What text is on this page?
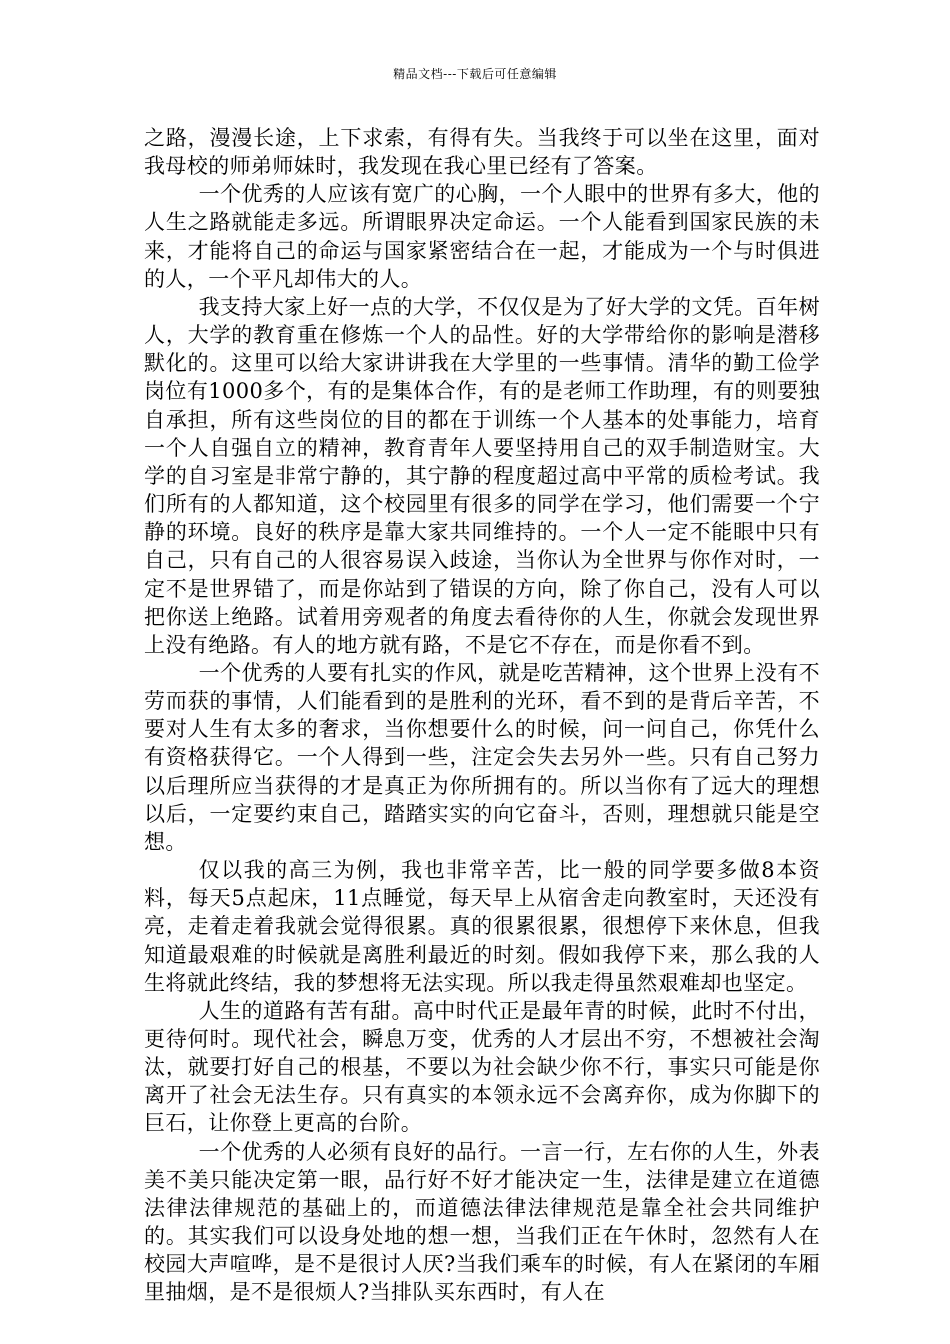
精品文档---下载后可任意编辑

之路，漫漫长途，上下求索，有得有失。当我终于可以坐在这里，面对我母校的师弟师妹时，我发现在我心里已经有了答案。

一个优秀的人应该有宽广的心胸，一个人眼中的世界有多大，他的人生之路就能走多远。所谓眼界决定命运。一个人能看到国家民族的未来，才能将自己的命运与国家紧密结合在一起，才能成为一个与时俱进的人，一个平凡却伟大的人。

我支持大家上好一点的大学，不仅仅是为了好大学的文凭。百年树人，大学的教育重在修炼一个人的品性。好的大学带给你的影响是潜移默化的。这里可以给大家讲讲我在大学里的一些事情。清华的勤工俭学岗位有1000多个，有的是集体合作，有的是老师工作助理，有的则要独自承担，所有这些岗位的目的都在于训练一个人基本的处事能力，培育一个人自强自立的精神，教育青年人要坚持用自己的双手制造财宝。大学的自习室是非常宁静的，其宁静的程度超过高中平常的质检考试。我们所有的人都知道，这个校园里有很多的同学在学习，他们需要一个宁静的环境。良好的秩序是靠大家共同维持的。一个人一定不能眼中只有自己，只有自己的人很容易误入歧途，当你认为全世界与你作对时，一定不是世界错了，而是你站到了错误的方向，除了你自己，没有人可以把你送上绝路。试着用旁观者的角度去看待你的人生，你就会发现世界上没有绝路。有人的地方就有路，不是它不存在，而是你看不到。

一个优秀的人要有扎实的作风，就是吃苦精神，这个世界上没有不劳而获的事情，人们能看到的是胜利的光环，看不到的是背后辛苦，不要对人生有太多的奢求，当你想要什么的时候，问一问自己，你凭什么有资格获得它。一个人得到一些，注定会失去另外一些。只有自己努力以后理所应当获得的才是真正为你所拥有的。所以当你有了远大的理想以后，一定要约束自己，踏踏实实的向它奋斗，否则，理想就只能是空想。

仅以我的高三为例，我也非常辛苦，比一般的同学要多做8本资料，每天5点起床，11点睡觉，每天早上从宿舍走向教室时，天还没有亮，走着走着我就会觉得很累。真的很累很累，很想停下来休息，但我知道最艰难的时候就是离胜利最近的时刻。假如我停下来，那么我的人生将就此终结，我的梦想将无法实现。所以我走得虽然艰难却也坚定。

人生的道路有苦有甜。高中时代正是最年青的时候，此时不付出，更待何时。现代社会，瞬息万变，优秀的人才层出不穷，不想被社会淘汰，就要打好自己的根基，不要以为社会缺少你不行，事实只可能是你离开了社会无法生存。只有真实的本领永远不会离弃你，成为你脚下的巨石，让你登上更高的台阶。

一个优秀的人必须有良好的品行。一言一行，左右你的人生，外表美不美只能决定第一眼，品行好不好才能决定一生，法律是建立在道德法律法律规范的基础上的，而道德法律法律规范是靠全社会共同维护的。其实我们可以设身处地的想一想，当我们正在午休时，忽然有人在校园大声喧哗，是不是很讨人厌?当我们乘车的时候，有人在紧闭的车厢里抽烟，是不是很烦人?当排队买东西时，有人在
